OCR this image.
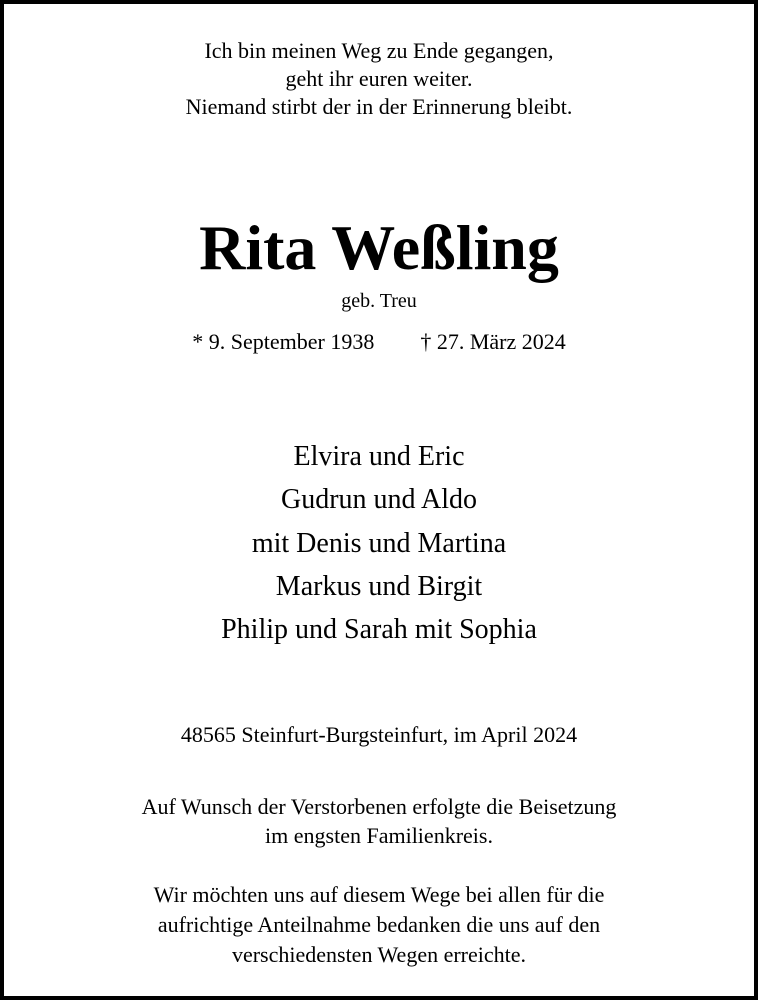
Ich bin meinen Weg zu Ende gegangen,
geht ihr euren weiter.
Niemand stirbt der in der Erinnerung bleibt.
Rita Weßling
geb. Treu
* 9. September 1938 † 27. März 2024
Elvira und Eric
Gudrun und Aldo
mit Denis und Martina
Markus und Birgit
Philip und Sarah mit Sophia
48565 Steinfurt-Burgsteinfurt, im April 2024
Auf Wunsch der Verstorbenen erfolgte die Beisetzung
im engsten Familienkreis.
Wir möchten uns auf diesem Wege bei allen für die
aufrichtige Anteilnahme bedanken die uns auf den
verschiedensten Wegen erreichte.
